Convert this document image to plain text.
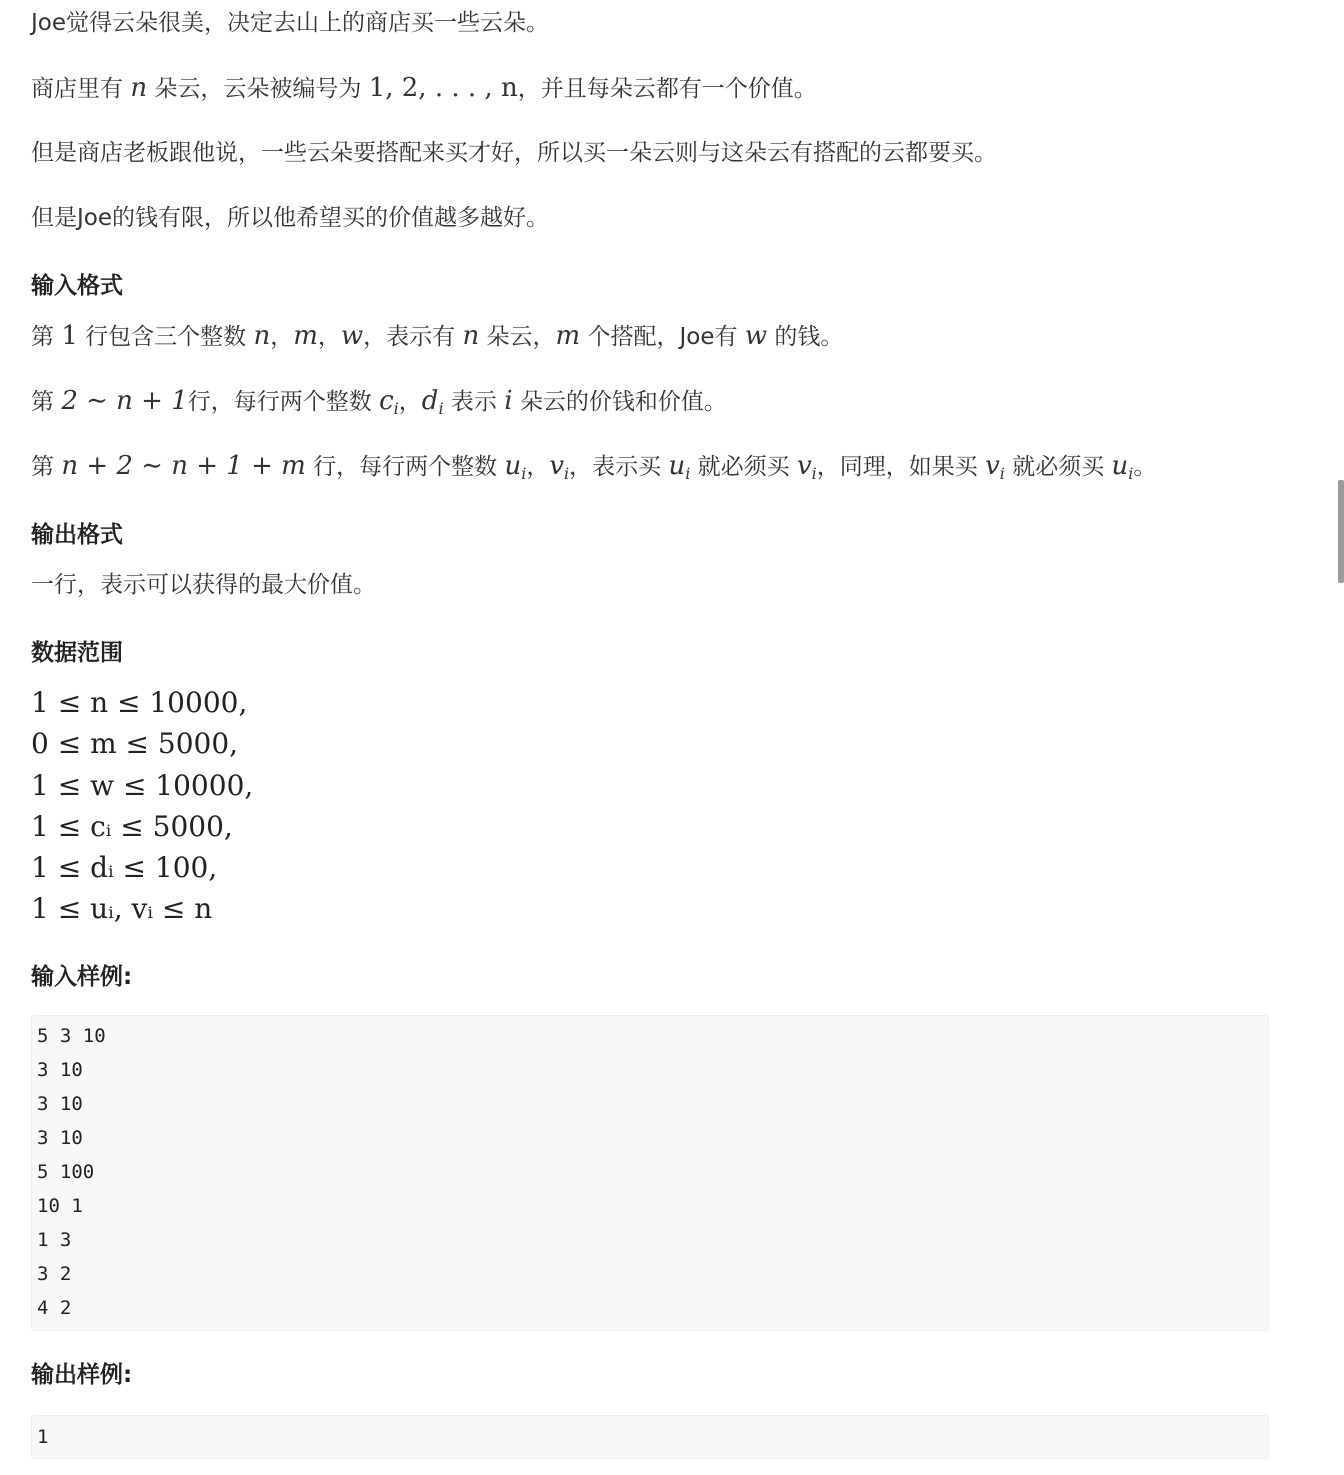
Joe觉得云朵很美，决定去山上的商店买一些云朵。
商店里有 n 朵云，云朵被编号为 1, 2, . . . , n，并且每朵云都有一个价值。
但是商店老板跟他说，一些云朵要搭配来买才好，所以买一朵云则与这朵云有搭配的云都要买。
但是Joe的钱有限，所以他希望买的价值越多越好。
输入格式
第 1 行包含三个整数 n，m，w，表示有 n 朵云，m 个搭配，Joe有 w 的钱。
第 2 ∼ n + 1行，每行两个整数 $c_i$，$d_i$ 表示 i 朵云的价钱和价值。
第 n + 2 ∼ n + 1 + m 行，每行两个整数 $u_i$，$v_i$，表示买 $u_i$ 就必须买 $v_i$，同理，如果买 $v_i$ 就必须买 $u_i$。
输出格式
一行，表示可以获得的最大价值。
数据范围
1 ≤ n ≤ 10000,
0 ≤ m ≤ 5000,
1 ≤ w ≤ 10000,
1 ≤ cᵢ ≤ 5000,
1 ≤ dᵢ ≤ 100,
1 ≤ uᵢ, vᵢ ≤ n
输入样例:
5 3 10
3 10
3 10
3 10
5 100
10 1
1 3
3 2
4 2
输出样例:
1
